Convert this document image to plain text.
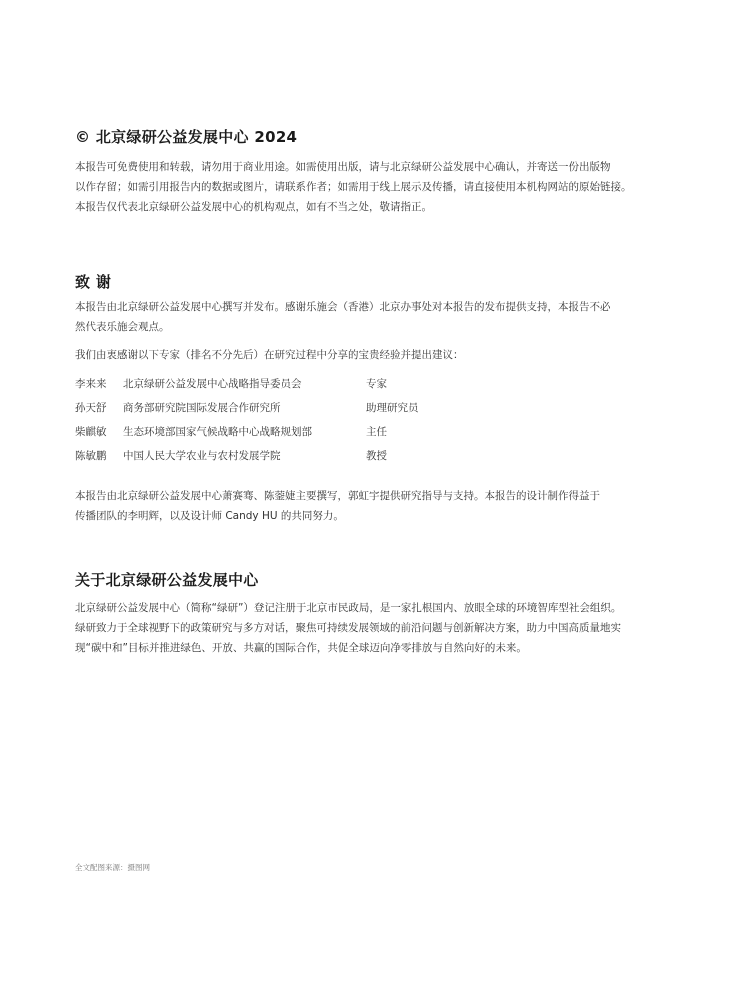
© 北京绿研公益发展中心 2024

本报告可免费使用和转载，请勿用于商业用途。如需使用出版，请与北京绿研公益发展中心确认，并寄送一份出版物

以作存留；如需引用报告内的数据或图片，请联系作者；如需用于线上展示及传播，请直接使用本机构网站的原始链接。

本报告仅代表北京绿研公益发展中心的机构观点，如有不当之处，敬请指正。

致 谢

本报告由北京绿研公益发展中心撰写并发布。感谢乐施会（香港）北京办事处对本报告的发布提供支持，本报告不必

然代表乐施会观点。

我们由衷感谢以下专家（排名不分先后）在研究过程中分享的宝贵经验并提出建议：

李来来 北京绿研公益发展中心战略指导委员会	专家
孙天舒 商务部研究院国际发展合作研究所	助理研究员
柴麒敏 生态环境部国家气候战略中心战略规划部	主任
陈敏鹏 中国人民大学农业与农村发展学院	教授

本报告由北京绿研公益发展中心萧赛骞、陈蓥婕主要撰写，郭虹宇提供研究指导与支持。本报告的设计制作得益于

传播团队的李明辉，以及设计师 Candy HU 的共同努力。

关于北京绿研公益发展中心

北京绿研公益发展中心（简称“绿研”）登记注册于北京市民政局，是一家扎根国内、放眼全球的环境智库型社会组织。

绿研致力于全球视野下的政策研究与多方对话，聚焦可持续发展领域的前沿问题与创新解决方案，助力中国高质量地实

现“碳中和”目标并推进绿色、开放、共赢的国际合作，共促全球迈向净零排放与自然向好的未来。

全文配图来源：摄图网
